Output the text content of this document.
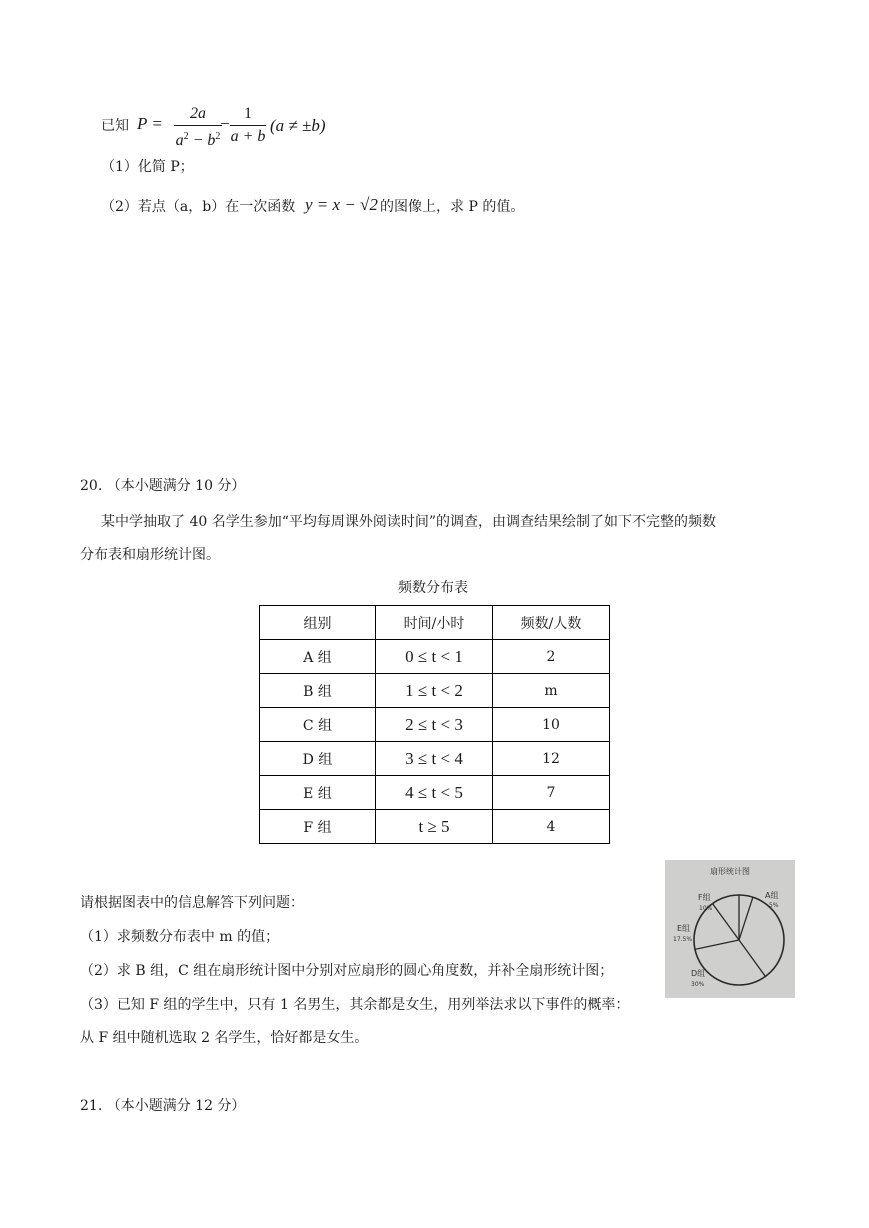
已知 P =
2a
$a^2 - b^2$
−
1
a + b
(a ≠ ±b)
（1）化简 P；
（2）若点（a，b）在一次函数 y = x − √2 的图像上，求 P 的值。
20. （本小题满分 10 分）
某中学抽取了 40 名学生参加“平均每周课外阅读时间”的调查，由调查结果绘制了如下不完整的频数
分布表和扇形统计图。
频数分布表
组别	时间/小时	频数/人数
A 组	0 ≤ t < 1	2
B 组	1 ≤ t < 2	m
C 组	2 ≤ t < 3	10
D 组	3 ≤ t < 4	12
E 组	4 ≤ t < 5	7
F 组	t ≥ 5	4
扇形统计图
A组
5%
F组
10%
E组
17.5%
D组
30%
请根据图表中的信息解答下列问题：
（1）求频数分布表中 m 的值；
（2）求 B 组，C 组在扇形统计图中分别对应扇形的圆心角度数，并补全扇形统计图；
（3）已知 F 组的学生中，只有 1 名男生，其余都是女生，用列举法求以下事件的概率：
从 F 组中随机选取 2 名学生，恰好都是女生。
21. （本小题满分 12 分）
